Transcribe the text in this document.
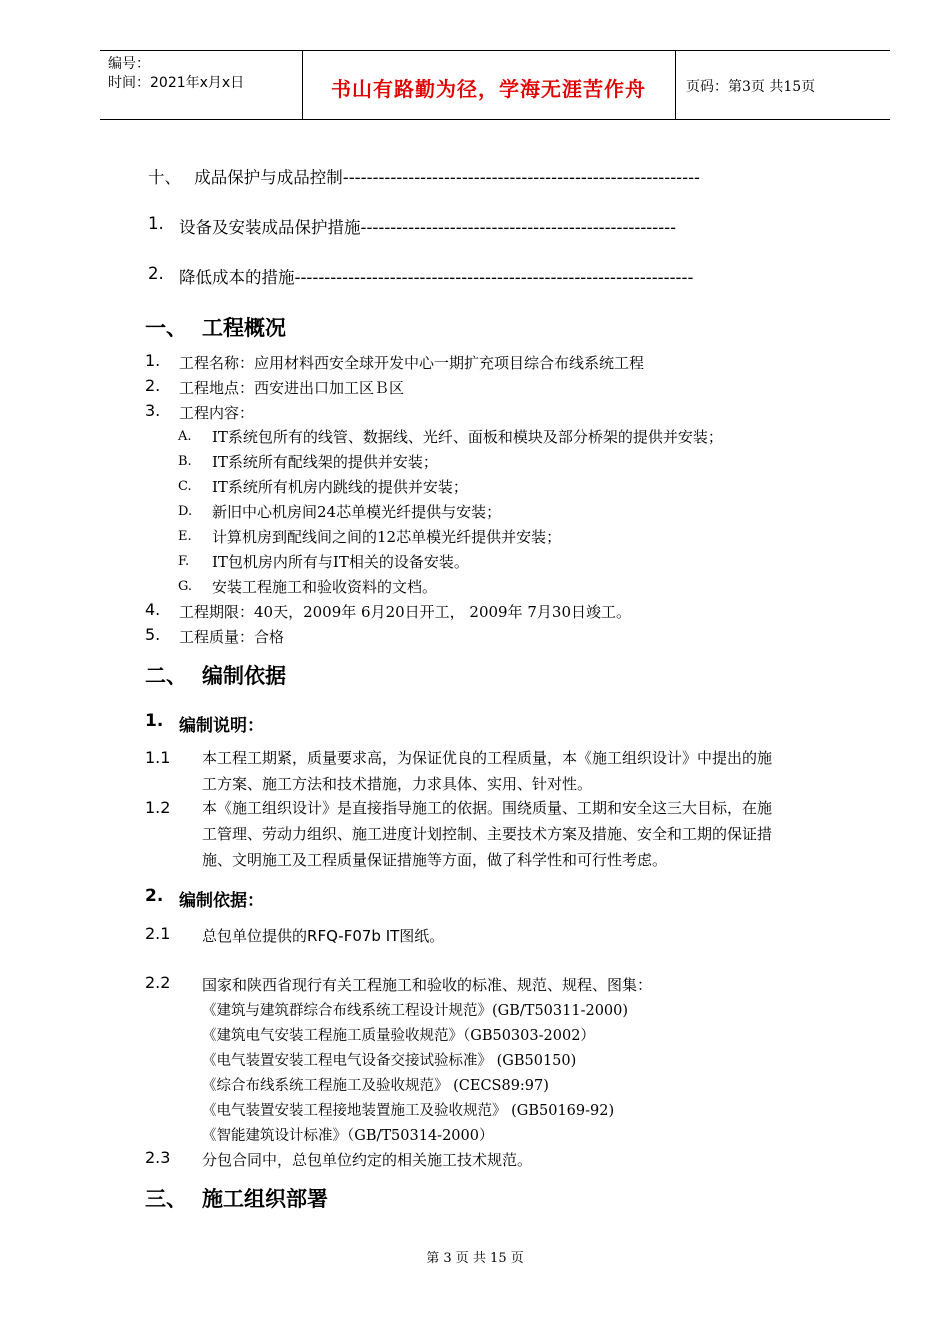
编号：
时间：2021年x月x日	书山有路勤为径，学海无涯苦作舟	页码：第3页 共15页
十、 成品保护与成品控制------------------------------------------------------------
1. 设备及安装成品保护措施-----------------------------------------------------
2. 降低成本的措施-------------------------------------------------------------------
一、 工程概况
1. 工程名称：应用材料西安全球开发中心一期扩充项目综合布线系统工程
2. 工程地点：西安进出口加工区Ｂ区
3. 工程内容：
A. IT系统包所有的线管、数据线、光纤、面板和模块及部分桥架的提供并安装；
B. IT系统所有配线架的提供并安装；
C. IT系统所有机房内跳线的提供并安装；
D. 新旧中心机房间24芯单模光纤提供与安装；
E. 计算机房到配线间之间的12芯单模光纤提供并安装；
F. IT包机房内所有与IT相关的设备安装。
G. 安装工程施工和验收资料的文档。
4. 工程期限：40天，2009年 6月20日开工， 2009年 7月30日竣工。
5. 工程质量：合格
二、 编制依据
1. 编制说明：
1.1 本工程工期紧，质量要求高，为保证优良的工程质量，本《施工组织设计》中提出的施
工方案、施工方法和技术措施，力求具体、实用、针对性。
1.2 本《施工组织设计》是直接指导施工的依据。围绕质量、工期和安全这三大目标，在施
工管理、劳动力组织、施工进度计划控制、主要技术方案及措施、安全和工期的保证措
施、文明施工及工程质量保证措施等方面，做了科学性和可行性考虑。
2. 编制依据：
2.1 总包单位提供的RFQ-F07b IT图纸。
2.2 国家和陕西省现行有关工程施工和验收的标准、规范、规程、图集：
《建筑与建筑群综合布线系统工程设计规范》(GB/T50311-2000)
《建筑电气安装工程施工质量验收规范》（GB50303-2002）
《电气装置安装工程电气设备交接试验标准》 (GB50150)
《综合布线系统工程施工及验收规范》 (CECS89:97)
《电气装置安装工程接地装置施工及验收规范》 (GB50169-92)
《智能建筑设计标准》（GB/T50314-2000）
2.3 分包合同中，总包单位约定的相关施工技术规范。
三、 施工组织部署
第 3 页 共 15 页
